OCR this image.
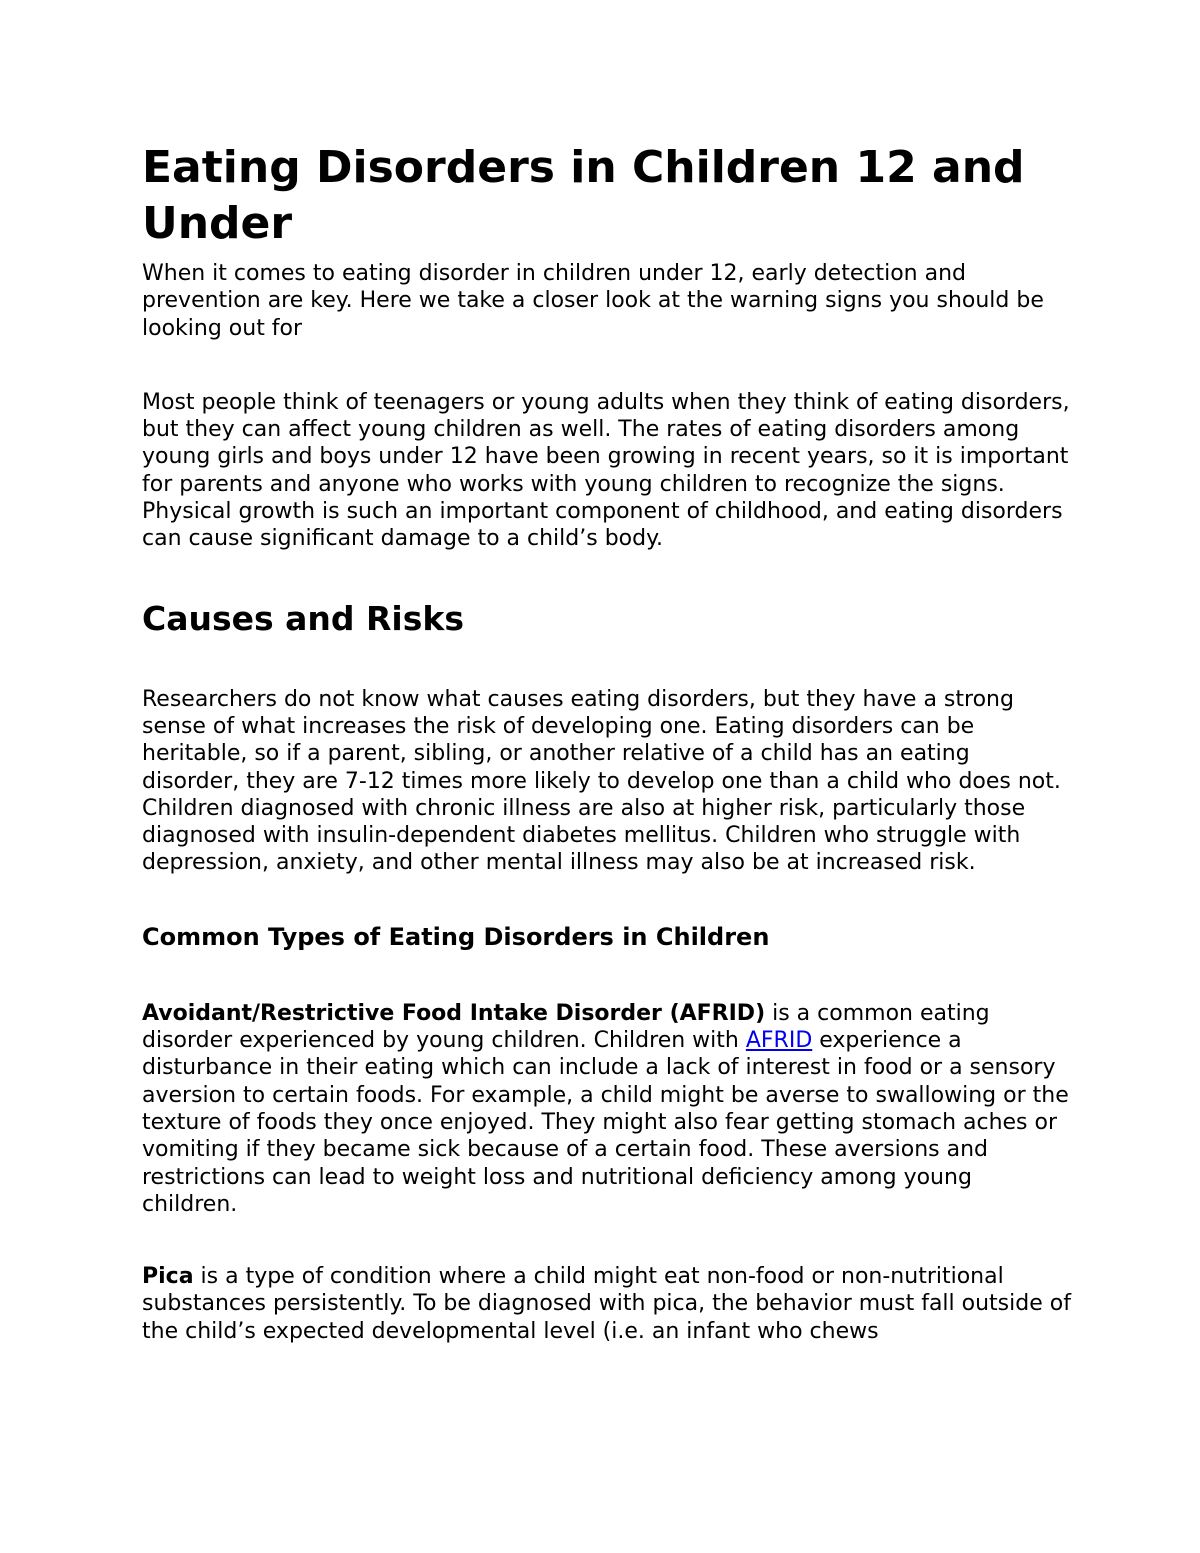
Eating Disorders in Children 12 and Under

When it comes to eating disorder in children under 12, early detection and prevention are key. Here we take a closer look at the warning signs you should be looking out for

Most people think of teenagers or young adults when they think of eating disorders, but they can affect young children as well. The rates of eating disorders among young girls and boys under 12 have been growing in recent years, so it is important for parents and anyone who works with young children to recognize the signs. Physical growth is such an important component of childhood, and eating disorders can cause significant damage to a child’s body.

Causes and Risks

Researchers do not know what causes eating disorders, but they have a strong sense of what increases the risk of developing one. Eating disorders can be heritable, so if a parent, sibling, or another relative of a child has an eating disorder, they are 7-12 times more likely to develop one than a child who does not. Children diagnosed with chronic illness are also at higher risk, particularly those diagnosed with insulin-dependent diabetes mellitus. Children who struggle with depression, anxiety, and other mental illness may also be at increased risk.

Common Types of Eating Disorders in Children

Avoidant/Restrictive Food Intake Disorder (AFRID) is a common eating disorder experienced by young children. Children with AFRID experience a disturbance in their eating which can include a lack of interest in food or a sensory aversion to certain foods. For example, a child might be averse to swallowing or the texture of foods they once enjoyed. They might also fear getting stomach aches or vomiting if they became sick because of a certain food. These aversions and restrictions can lead to weight loss and nutritional deficiency among young children.

Pica is a type of condition where a child might eat non-food or non-nutritional substances persistently. To be diagnosed with pica, the behavior must fall outside of the child’s expected developmental level (i.e. an infant who chews
